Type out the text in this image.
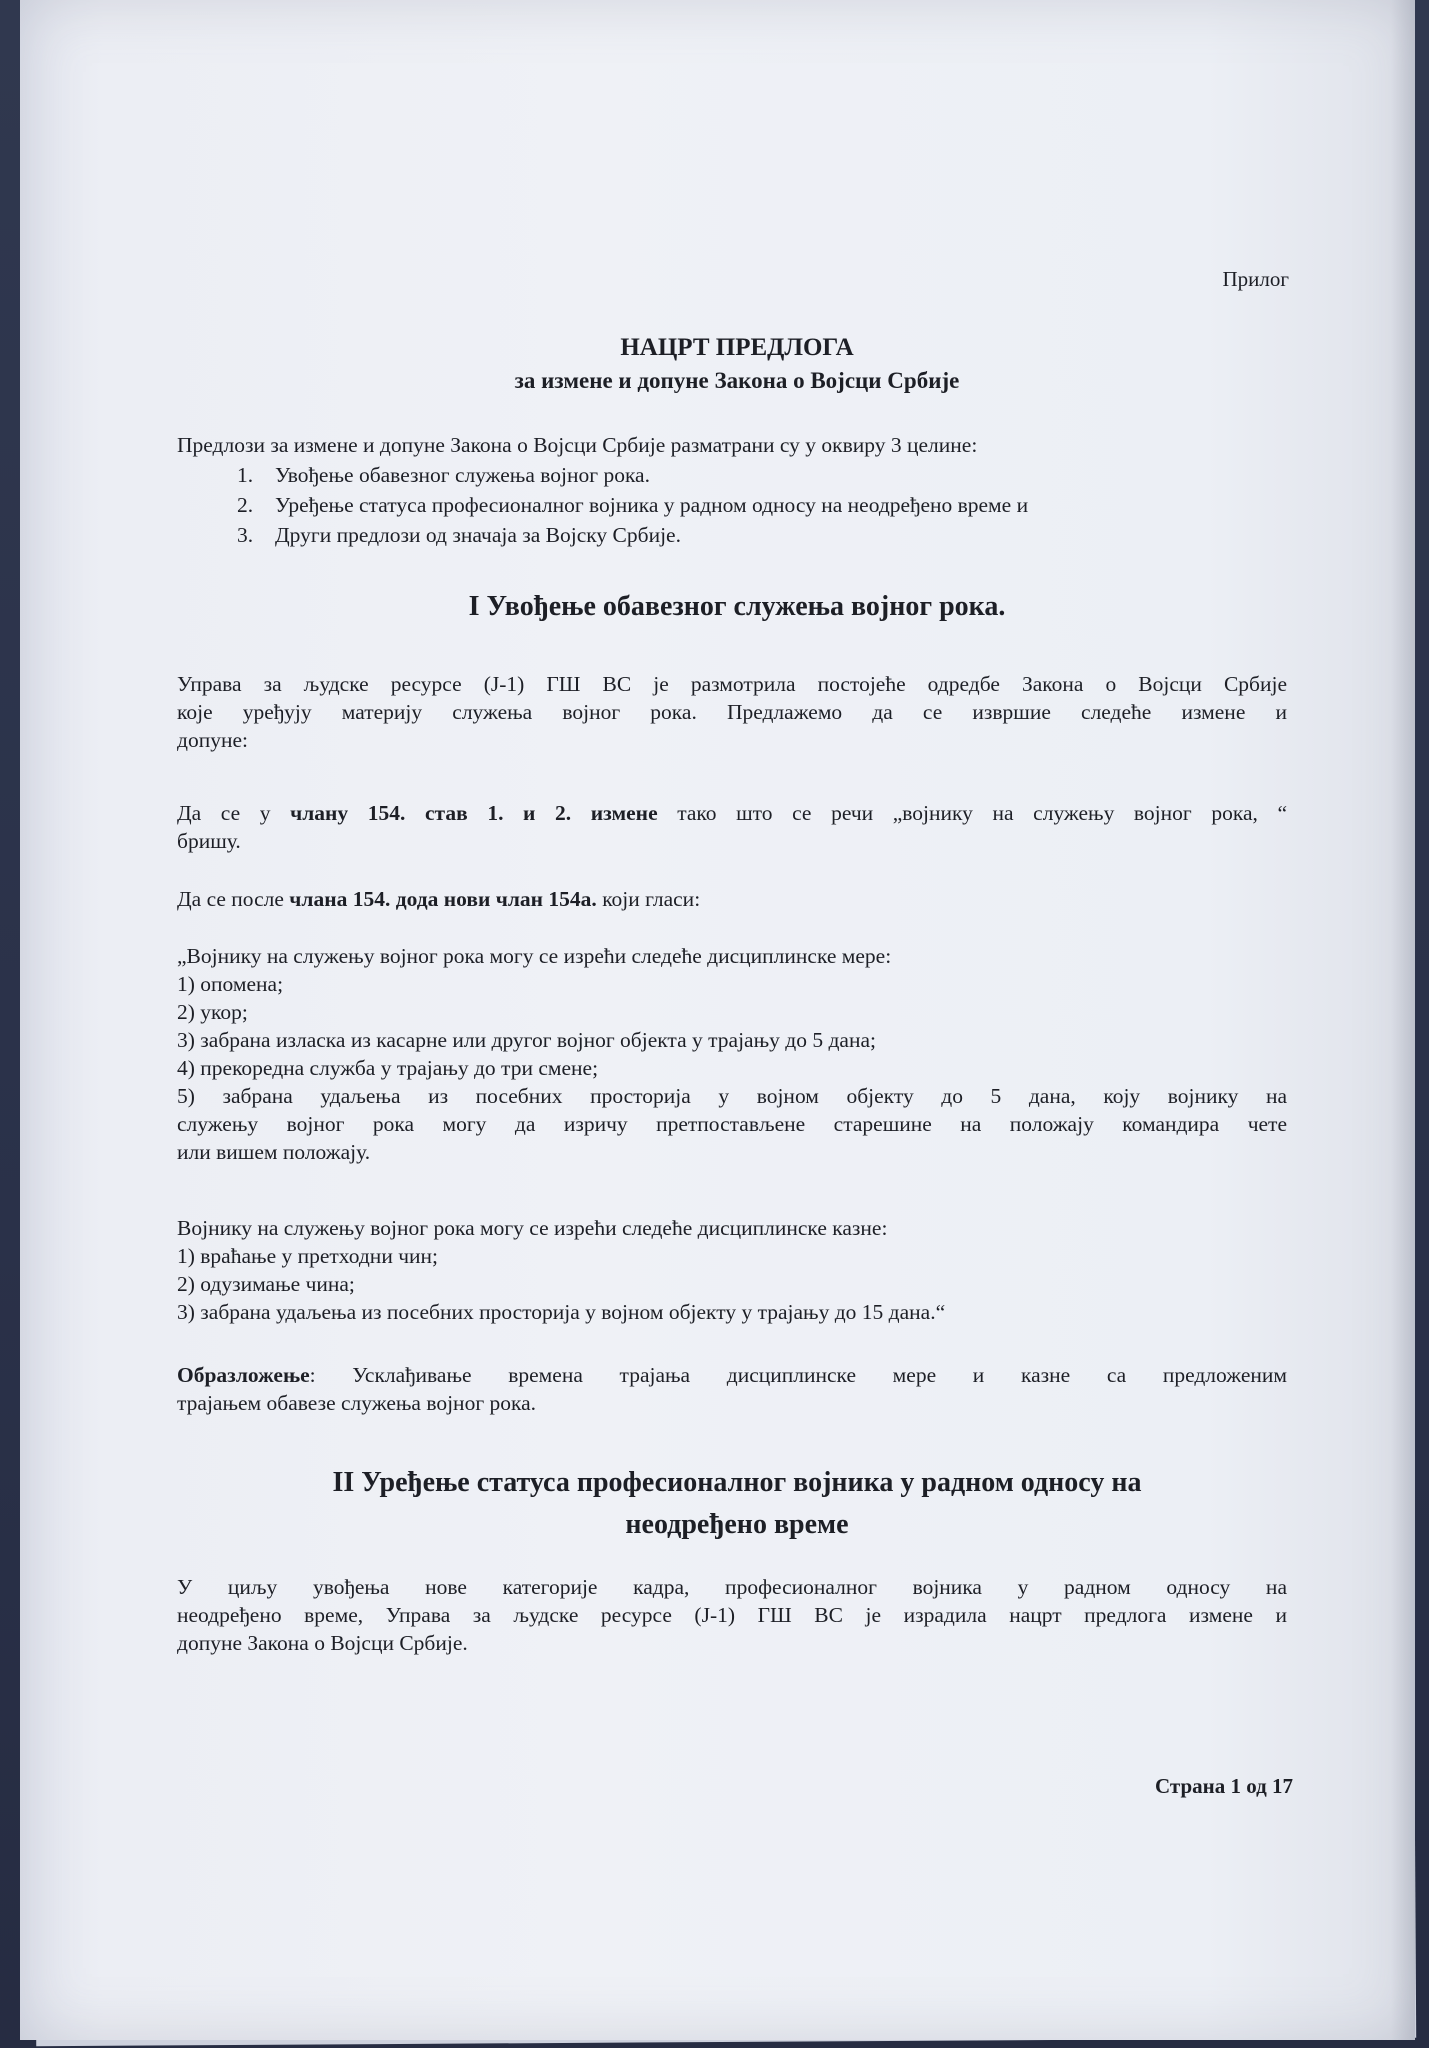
Прилог

НАЦРТ ПРЕДЛОГА
за измене и допуне Закона о Војсци Србије

Предлози за измене и допуне Закона о Војсци Србије разматрани су у оквиру 3 целине:

1. Увођење обавезног служења војног рока.
2. Уређење статуса професионалног војника у радном односу на неодређено време и
3. Други предлози од значаја за Војску Србије.
I Увођење обавезног служења војног рока.
Управа за људске ресурсе (Ј-1) ГШ ВС је размотрила постојеће одредбе Закона о Војсци Србије
које уређују материју служења војног рока. Предлажемо да се извршие следеће измене и
допуне:
Да се у члану 154. став 1. и 2. измене тако што се речи „војнику на служењу војног рока, “
бришу.
Да се после члана 154. дода нови члан 154а. који гласи:
„Војнику на служењу војног рока могу се изрећи следеће дисциплинске мере:
1) опомена;
2) укор;
3) забрана изласка из касарне или другог војног објекта у трајању до 5 дана;
4) прекоредна служба у трајању до три смене;
5) забрана удаљења из посебних просторија у војном објекту до 5 дана, коју војнику на
служењу војног рока могу да изричу претпостављене старешине на положају командира чете
или вишем положају.
Војнику на служењу војног рока могу се изрећи следеће дисциплинске казне:
1) враћање у претходни чин;
2) одузимање чина;
3) забрана удаљења из посебних просторија у војном објекту у трајању до 15 дана.“
Образложење: Усклађивање времена трајања дисциплинске мере и казне са предложеним
трајањем обавезе служења војног рока.
II Уређење статуса професионалног војника у радном односу на
неодређено време
У циљу увођења нове категорије кадра, професионалног војника у радном односу на
неодређено време, Управа за људске ресурсе (Ј-1) ГШ ВС је израдила нацрт предлога измене и
допуне Закона о Војсци Србије.

Страна 1 од 17
